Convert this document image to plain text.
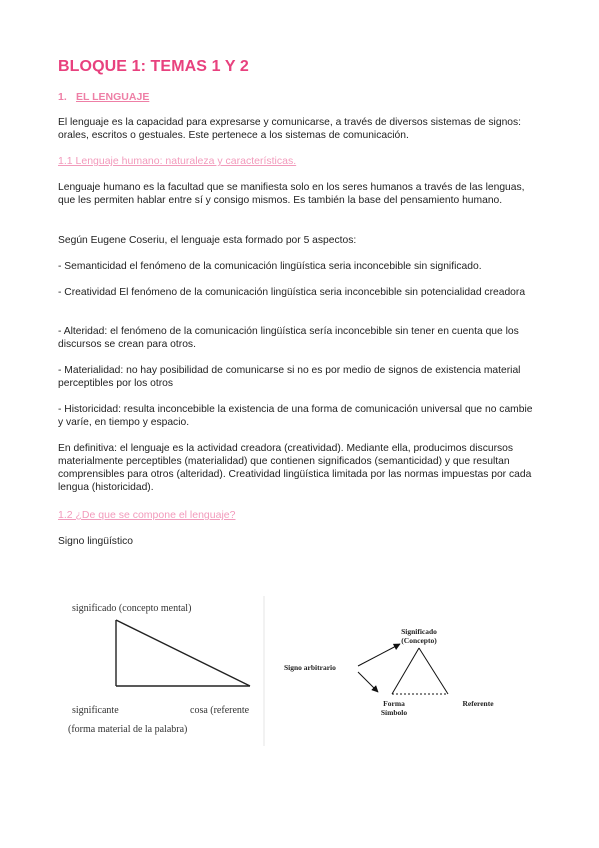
BLOQUE 1: TEMAS 1 Y 2
1. EL LENGUAJE
El lenguaje es la capacidad para expresarse y comunicarse, a través de diversos sistemas de signos: orales, escritos o gestuales. Este pertenece a los sistemas de comunicación.
1.1 Lenguaje humano: naturaleza y características.
Lenguaje humano es la facultad que se manifiesta solo en los seres humanos a través de las lenguas, que les permiten hablar entre sí y consigo mismos. Es también la base del pensamiento humano.
Según Eugene Coseriu, el lenguaje esta formado por 5 aspectos:
- Semanticidad el fenómeno de la comunicación lingüística seria inconcebible sin significado.
- Creatividad El fenómeno de la comunicación lingüística seria inconcebible sin potencialidad creadora
- Alteridad: el fenómeno de la comunicación lingüística sería inconcebible sin tener en cuenta que los discursos se crean para otros.
- Materialidad: no hay posibilidad de comunicarse si no es por medio de signos de existencia material perceptibles por los otros
- Historicidad: resulta inconcebible la existencia de una forma de comunicación universal que no cambie y varíe, en tiempo y espacio.
En definitiva: el lenguaje es la actividad creadora (creatividad). Mediante ella, producimos discursos materialmente perceptibles (materialidad) que contienen significados (semanticidad) y que resultan comprensibles para otros (alteridad). Creatividad lingüística limitada por las normas impuestas por cada lengua (historicidad).
1.2 ¿De que se compone el lenguaje?
Signo lingüístico
significado (concepto mental)
significante	cosa (referente
(forma material de la palabra)
Significado
(Concepto)
Signo arbitrario
Forma
Símbolo
Referente
